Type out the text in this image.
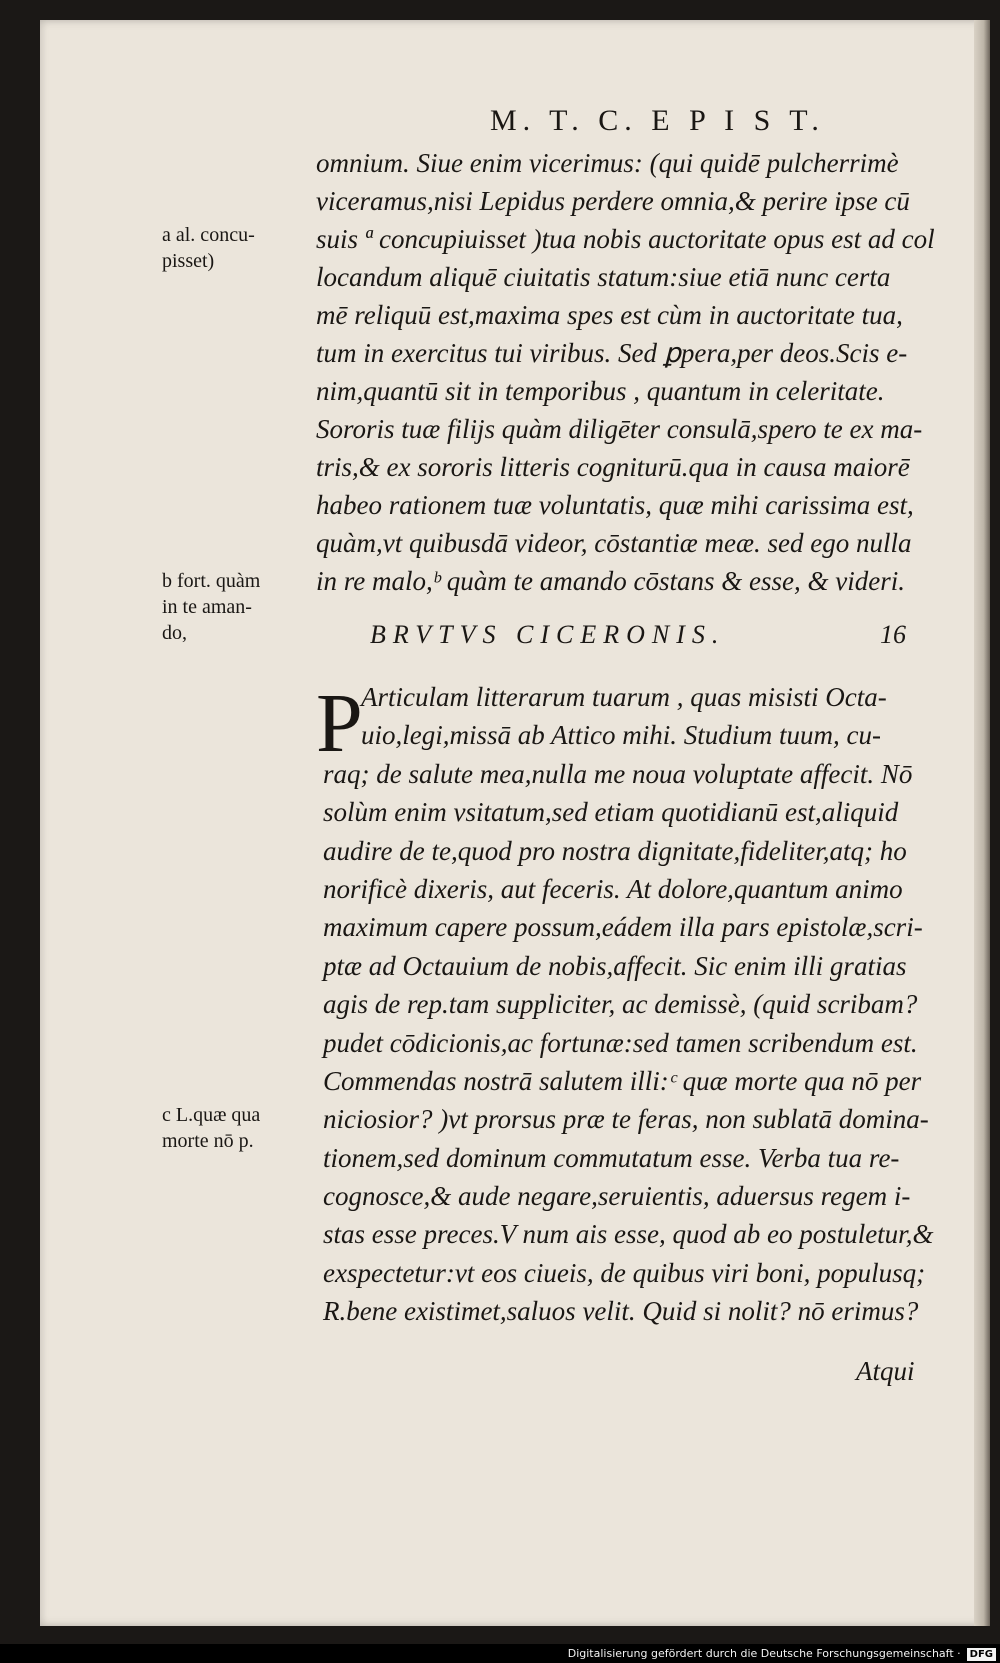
M. T. C. E P I S T.
a al. concu-
pisset)
omnium. Siue enim vicerimus: (qui quidē pulcherrimè
viceramus,nisi Lepidus perdere omnia,& perire ipse cū
suis ª concupiuisset )tua nobis auctoritate opus est ad col
locandum aliquē ciuitatis statum:siue etiā nunc certa
mē reliquū est,maxima spes est cùm in auctoritate tua,
tum in exercitus tui viribus. Sed ꝑpera,per deos.Scis e-
nim,quantū sit in temporibus , quantum in celeritate.
Sororis tuæ filijs quàm diligēter consulā,spero te ex ma-
tris,& ex sororis litteris cogniturū.qua in causa maiorē
habeo rationem tuæ voluntatis, quæ mihi carissima est,
quàm,vt quibusdā videor, cōstantiæ meæ. sed ego nulla
in re malo,ᵇ quàm te amando cōstans & esse, & videri.
b fort. quàm
in te aman-
do,	BRVTVS CICERONIS.	16
P
Articulam litterarum tuarum , quas misisti Octa-
uio,legi,missā ab Attico mihi. Studium tuum, cu-
raq; de salute mea,nulla me noua voluptate affecit. Nō
solùm enim vsitatum,sed etiam quotidianū est,aliquid
audire de te,quod pro nostra dignitate,fideliter,atq; ho
norificè dixeris, aut feceris. At dolore,quantum animo
maximum capere possum,eádem illa pars epistolæ,scri-
ptæ ad Octauium de nobis,affecit. Sic enim illi gratias
agis de rep.tam suppliciter, ac demissè, (quid scribam?
pudet cōdicionis,ac fortunæ:sed tamen scribendum est.
Commendas nostrā salutem illi:ᶜ quæ morte qua nō per
niciosior? )vt prorsus præ te feras, non sublatā domina-
tionem,sed dominum commutatum esse. Verba tua re-
cognosce,& aude negare,seruientis, aduersus regem i-
stas esse preces.V num ais esse, quod ab eo postuletur,&
exspectetur:vt eos ciueis, de quibus viri boni, populusq;
R.bene existimet,saluos velit. Quid si nolit? nō erimus?
c L.quæ qua
morte nō p.
Atqui
Digitalisierung gefördert durch die Deutsche Forschungsgemeinschaft · DFG
